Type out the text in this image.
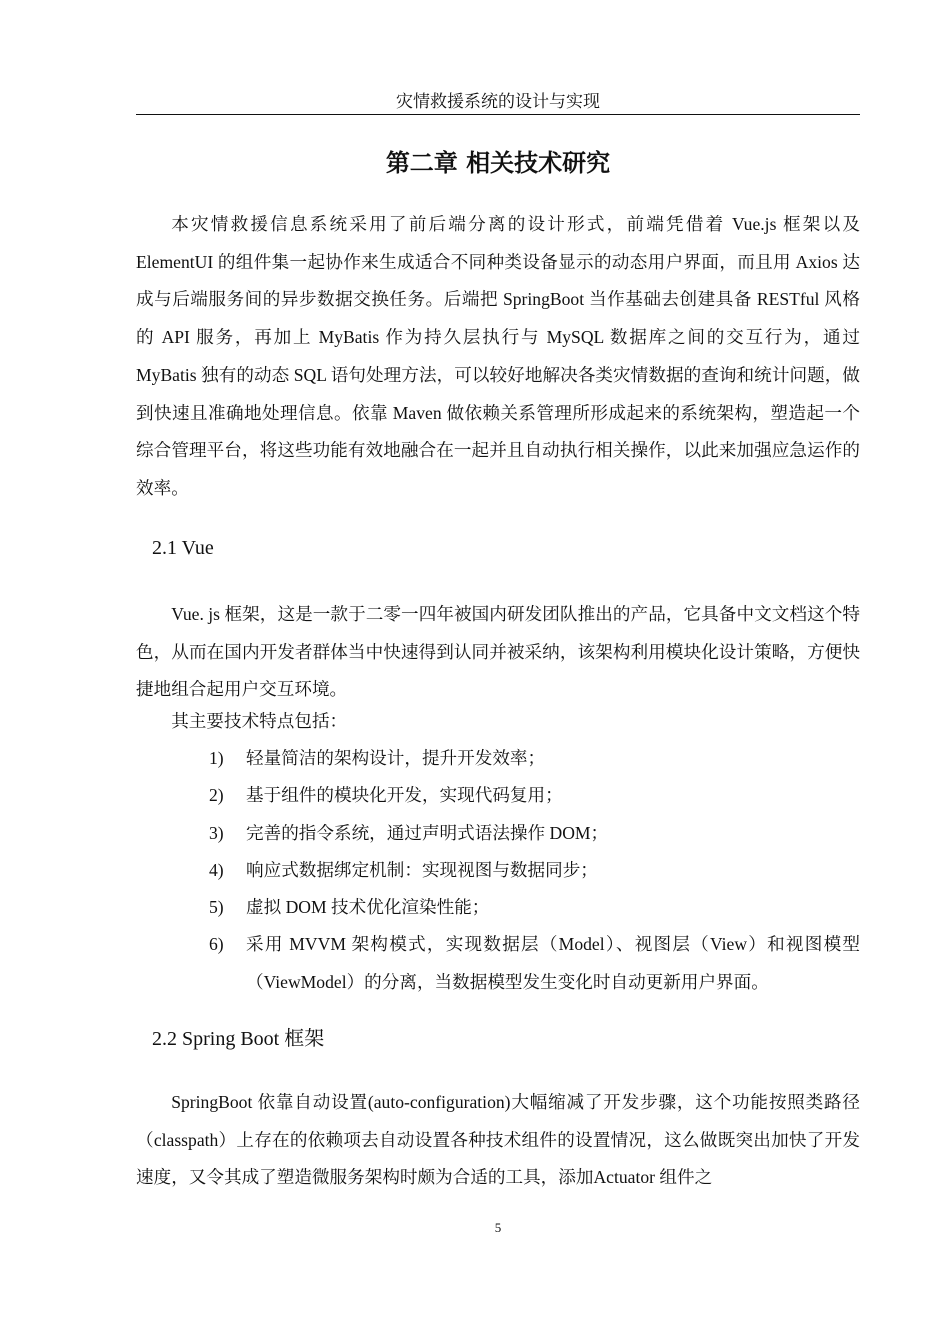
灾情救援系统的设计与实现
第二章 相关技术研究

本灾情救援信息系统采用了前后端分离的设计形式，前端凭借着 Vue.js 框架以及 ElementUI 的组件集一起协作来生成适合不同种类设备显示的动态用户界面，而且用 Axios 达成与后端服务间的异步数据交换任务。后端把 SpringBoot 当作基础去创建具备 RESTful 风格的 API 服务，再加上 MyBatis 作为持久层执行与 MySQL 数据库之间的交互行为，通过 MyBatis 独有的动态 SQL 语句处理方法，可以较好地解决各类灾情数据的查询和统计问题，做到快速且准确地处理信息。依靠 Maven 做依赖关系管理所形成起来的系统架构，塑造起一个综合管理平台，将这些功能有效地融合在一起并且自动执行相关操作，以此来加强应急运作的效率。

2.1 Vue

Vue. js 框架，这是一款于二零一四年被国内研发团队推出的产品，它具备中文文档这个特色，从而在国内开发者群体当中快速得到认同并被采纳，该架构利用模块化设计策略，方便快捷地组合起用户交互环境。

其主要技术特点包括：

1) 轻量简洁的架构设计，提升开发效率；
2) 基于组件的模块化开发，实现代码复用；
3) 完善的指令系统，通过声明式语法操作 DOM；
4) 响应式数据绑定机制：实现视图与数据同步；
5) 虚拟 DOM 技术优化渲染性能；
6) 采用 MVVM 架构模式，实现数据层（Model）、视图层（View）和视图模型（ViewModel）的分离，当数据模型发生变化时自动更新用户界面。
2.2 Spring Boot 框架

SpringBoot 依靠自动设置(auto-configuration)大幅缩减了开发步骤，这个功能按照类路径（classpath）上存在的依赖项去自动设置各种技术组件的设置情况，这么做既突出加快了开发速度，又令其成了塑造微服务架构时颇为合适的工具，添加Actuator 组件之

5
